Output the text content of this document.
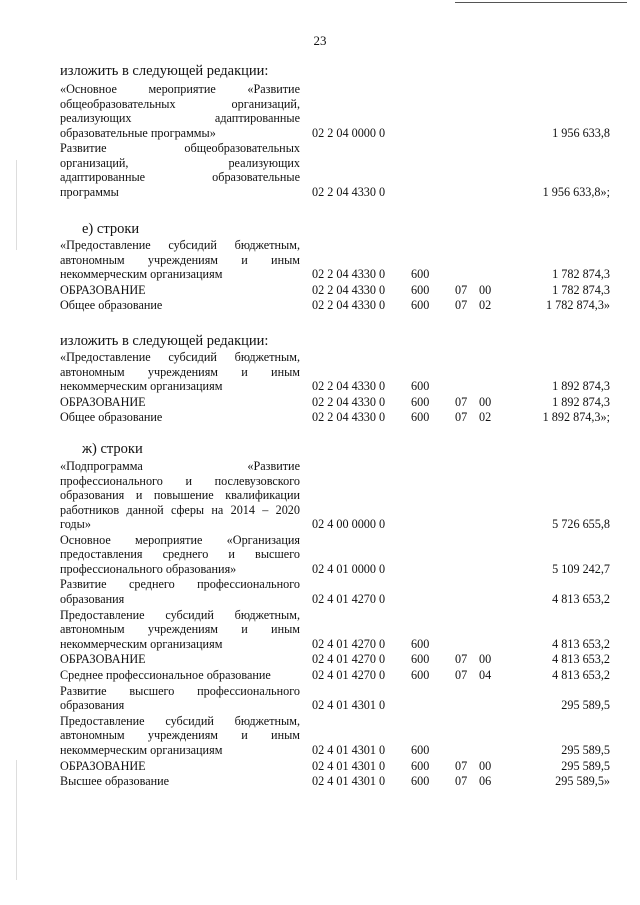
23
изложить в следующей редакции:
«Основное мероприятие «Развитие
общеобразовательных организаций,
реализующих адаптированные
образовательные программы»	02 2 04 0000 0	1 956 633,8
Развитие общеобразовательных
организаций, реализующих
адаптированные образовательные
программы	02 2 04 4330 0	1 956 633,8»;
е) строки
«Предоставление субсидий бюджетным,
автономным учреждениям и иным
некоммерческим организациям	02 2 04 4330 0 600	1 782 874,3
ОБРАЗОВАНИЕ	02 2 04 4330 0 600 07 00	1 782 874,3
Общее образование	02 2 04 4330 0 600 07 02	1 782 874,3»
изложить в следующей редакции:
«Предоставление субсидий бюджетным,
автономным учреждениям и иным
некоммерческим организациям	02 2 04 4330 0 600	1 892 874,3
ОБРАЗОВАНИЕ	02 2 04 4330 0 600 07 00	1 892 874,3
Общее образование	02 2 04 4330 0 600 07 02	1 892 874,3»;
ж) строки
«Подпрограмма «Развитие
профессионального и послевузовского
образования и повышение квалификации
работников данной сферы на 2014 – 2020
годы»	02 4 00 0000 0	5 726 655,8
Основное мероприятие «Организация
предоставления среднего и высшего
профессионального образования»	02 4 01 0000 0	5 109 242,7
Развитие среднего профессионального
образования	02 4 01 4270 0	4 813 653,2
Предоставление субсидий бюджетным,
автономным учреждениям и иным
некоммерческим организациям	02 4 01 4270 0 600	4 813 653,2
ОБРАЗОВАНИЕ	02 4 01 4270 0 600 07 00	4 813 653,2
Среднее профессиональное образование	02 4 01 4270 0 600 07 04	4 813 653,2
Развитие высшего профессионального
образования	02 4 01 4301 0	295 589,5
Предоставление субсидий бюджетным,
автономным учреждениям и иным
некоммерческим организациям	02 4 01 4301 0 600	295 589,5
ОБРАЗОВАНИЕ	02 4 01 4301 0 600 07 00	295 589,5
Высшее образование	02 4 01 4301 0 600 07 06	295 589,5»
